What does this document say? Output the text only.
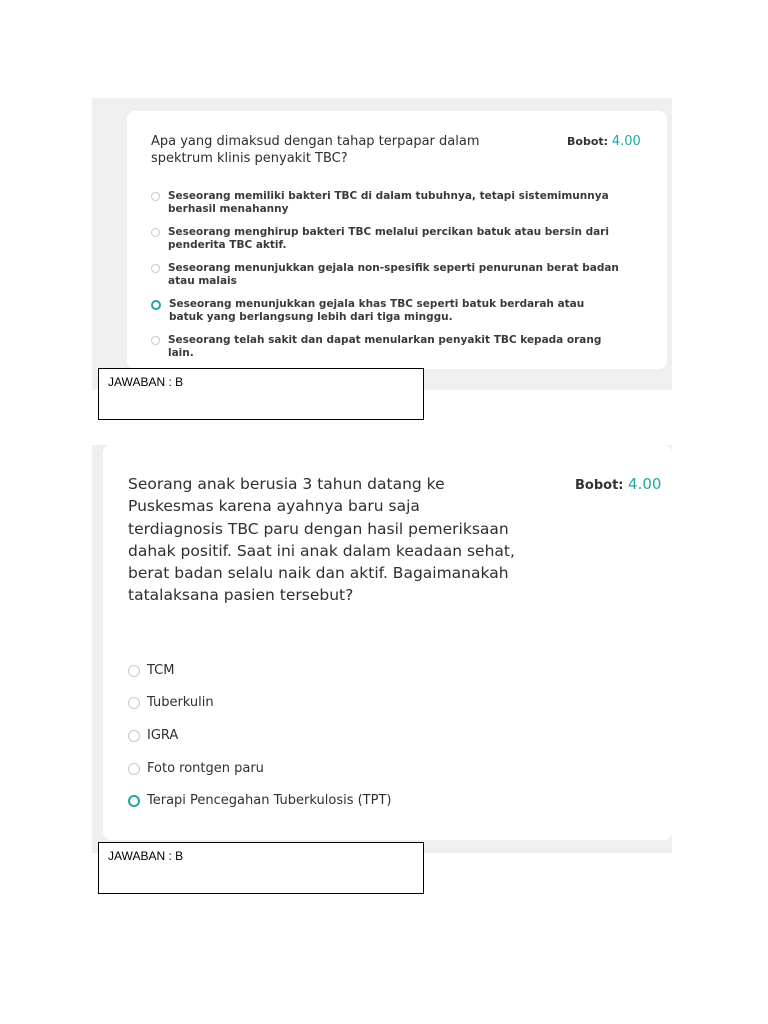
Apa yang dimaksud dengan tahap terpapar dalam spektrum klinis penyakit TBC?
Bobot: 4.00
Seseorang memiliki bakteri TBC di dalam tubuhnya, tetapi sistemimunnya berhasil menahanny
Seseorang menghirup bakteri TBC melalui percikan batuk atau bersin dari penderita TBC aktif.
Seseorang menunjukkan gejala non-spesifik seperti penurunan berat badan atau malais
Seseorang menunjukkan gejala khas TBC seperti batuk berdarah atau batuk yang berlangsung lebih dari tiga minggu.
Seseorang telah sakit dan dapat menularkan penyakit TBC kepada orang lain.
JAWABAN : B
Seorang anak berusia 3 tahun datang ke Puskesmas karena ayahnya baru saja terdiagnosis TBC paru dengan hasil pemeriksaan dahak positif. Saat ini anak dalam keadaan sehat, berat badan selalu naik dan aktif. Bagaimanakah tatalaksana pasien tersebut?
Bobot: 4.00
TCM
Tuberkulin
IGRA
Foto rontgen paru
Terapi Pencegahan Tuberkulosis (TPT)
JAWABAN : B
